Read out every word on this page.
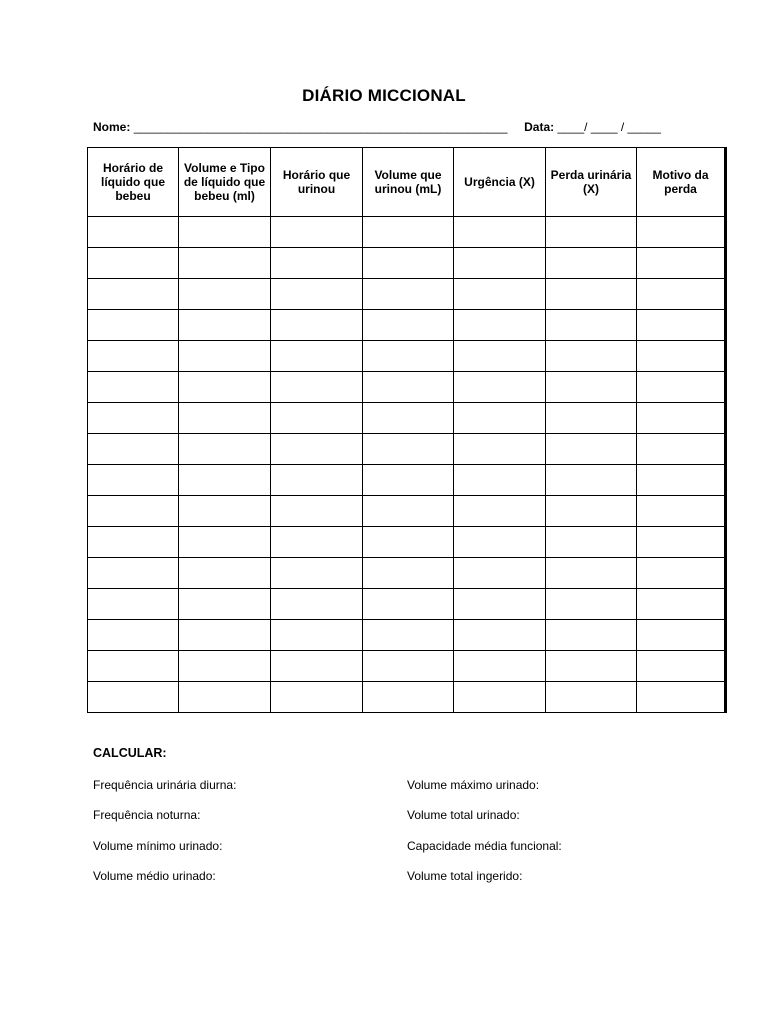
DIÁRIO MICCIONAL
Nome: ________________________________________________________ Data: ____/ ____ / _____
Horário de líquido que bebeu	Volume e Tipo de líquido que bebeu (ml)	Horário que urinou	Volume que urinou (mL)	Urgência (X)	Perda urinária (X)	Motivo da perda

CALCULAR:
Frequência urinária diurna:
Frequência noturna:
Volume mínimo urinado:
Volume médio urinado:
Volume máximo urinado:
Volume total urinado:
Capacidade média funcional:
Volume total ingerido:
